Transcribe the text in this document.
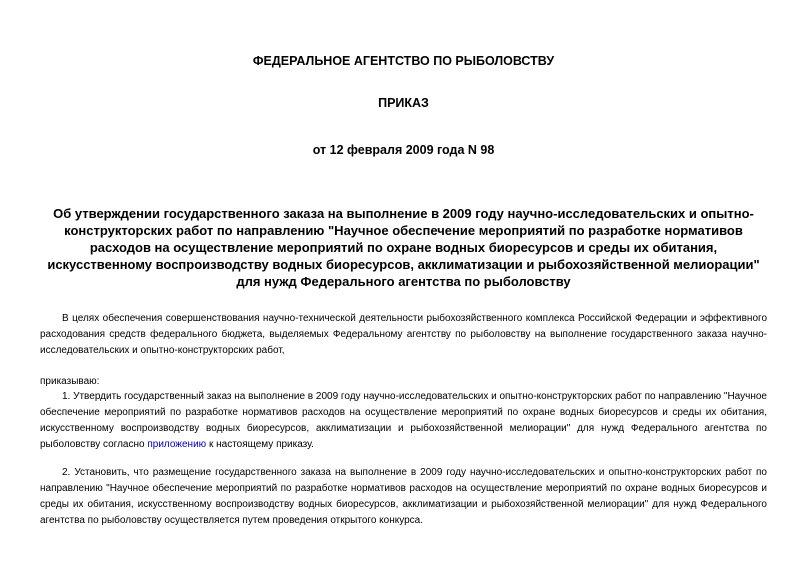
ФЕДЕРАЛЬНОЕ АГЕНТСТВО ПО РЫБОЛОВСТВУ

ПРИКАЗ

от 12 февраля 2009 года N 98

Об утверждении государственного заказа на выполнение в 2009 году научно-исследовательских и опытно-конструкторских работ по направлению "Научное обеспечение мероприятий по разработке нормативов расходов на осуществление мероприятий по охране водных биоресурсов и среды их обитания, искусственному воспроизводству водных биоресурсов, акклиматизации и рыбохозяйственной мелиорации" для нужд Федерального агентства по рыболовству

В целях обеспечения совершенствования научно-технической деятельности рыбохозяйственного комплекса Российской Федерации и эффективного расходования средств федерального бюджета, выделяемых Федеральному агентству по рыболовству на выполнение государственного заказа научно-исследовательских и опытно-конструкторских работ,

приказываю:

1. Утвердить государственный заказ на выполнение в 2009 году научно-исследовательских и опытно-конструкторских работ по направлению "Научное обеспечение мероприятий по разработке нормативов расходов на осуществление мероприятий по охране водных биоресурсов и среды их обитания, искусственному воспроизводству водных биоресурсов, акклиматизации и рыбохозяйственной мелиорации" для нужд Федерального агентства по рыболовству согласно приложению к настоящему приказу.

2. Установить, что размещение государственного заказа на выполнение в 2009 году научно-исследовательских и опытно-конструкторских работ по направлению "Научное обеспечение мероприятий по разработке нормативов расходов на осуществление мероприятий по охране водных биоресурсов и среды их обитания, искусственному воспроизводству водных биоресурсов, акклиматизации и рыбохозяйственной мелиорации" для нужд Федерального агентства по рыболовству осуществляется путем проведения открытого конкурса.
